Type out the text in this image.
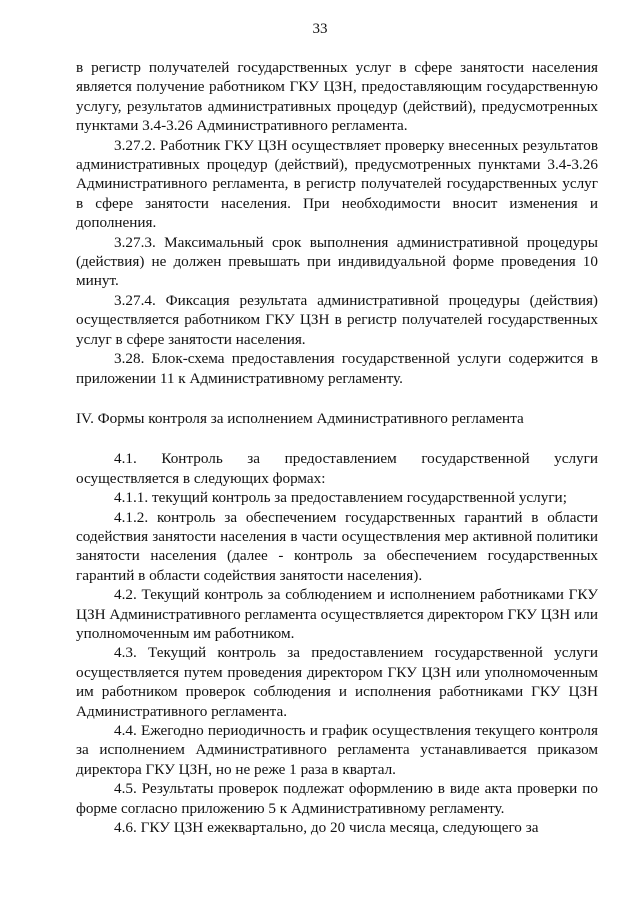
33

в регистр получателей государственных услуг в сфере занятости населения является получение работником ГКУ ЦЗН, предоставляющим государственную услугу, результатов административных процедур (действий), предусмотренных пунктами 3.4-3.26 Административного регламента.

3.27.2. Работник ГКУ ЦЗН осуществляет проверку внесенных результатов административных процедур (действий), предусмотренных пунктами 3.4-3.26 Административного регламента, в регистр получателей государственных услуг в сфере занятости населения. При необходимости вносит изменения и дополнения.

3.27.3. Максимальный срок выполнения административной процедуры (действия) не должен превышать при индивидуальной форме проведения 10 минут.

3.27.4. Фиксация результата административной процедуры (действия) осуществляется работником ГКУ ЦЗН в регистр получателей государственных услуг в сфере занятости населения.

3.28. Блок-схема предоставления государственной услуги содержится в приложении 11 к Административному регламенту.

IV. Формы контроля за исполнением Административного регламента

4.1. Контроль за предоставлением государственной услуги осуществляется в следующих формах:

4.1.1. текущий контроль за предоставлением государственной услуги;

4.1.2. контроль за обеспечением государственных гарантий в области содействия занятости населения в части осуществления мер активной политики занятости населения (далее - контроль за обеспечением государственных гарантий в области содействия занятости населения).

4.2. Текущий контроль за соблюдением и исполнением работниками ГКУ ЦЗН Административного регламента осуществляется директором ГКУ ЦЗН или уполномоченным им работником.

4.3. Текущий контроль за предоставлением государственной услуги осуществляется путем проведения директором ГКУ ЦЗН или уполномоченным им работником проверок соблюдения и исполнения работниками ГКУ ЦЗН Административного регламента.

4.4. Ежегодно периодичность и график осуществления текущего контроля за исполнением Административного регламента устанавливается приказом директора ГКУ ЦЗН, но не реже 1 раза в квартал.

4.5. Результаты проверок подлежат оформлению в виде акта проверки по форме согласно приложению 5 к Административному регламенту.

4.6. ГКУ ЦЗН ежеквартально, до 20 числа месяца, следующего за
